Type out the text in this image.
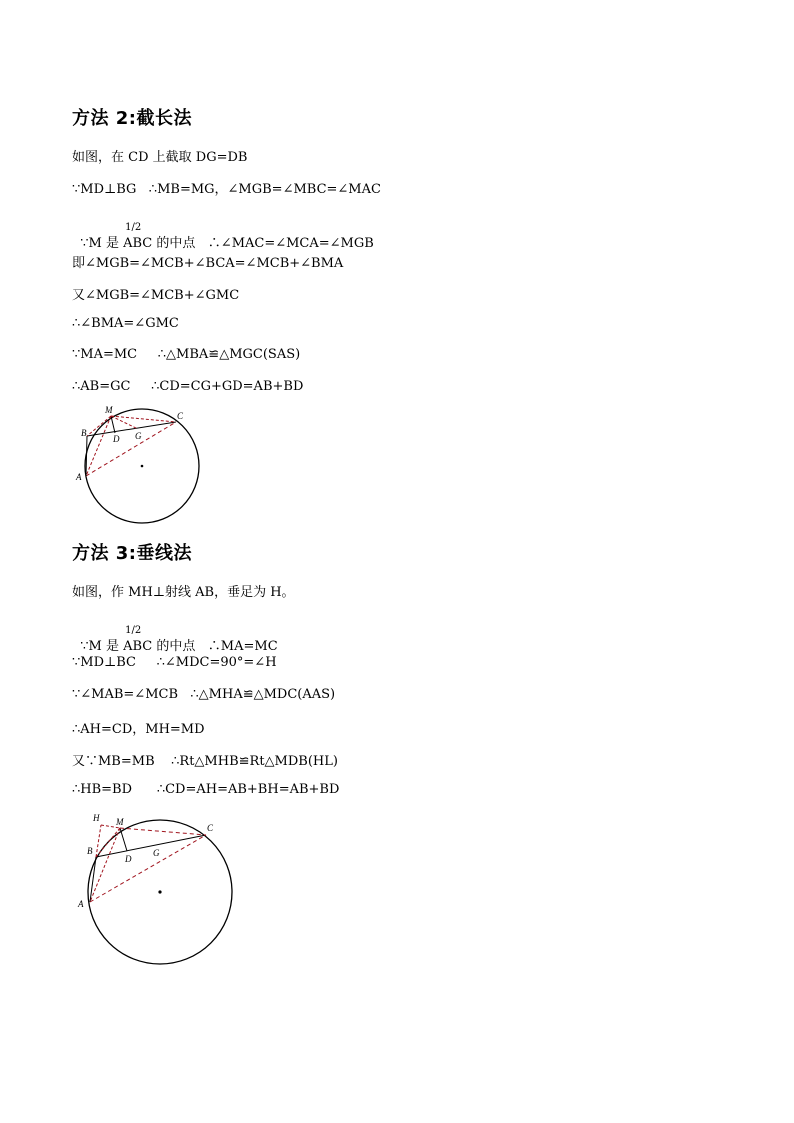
方法 2:截长法
如图，在 CD 上截取 DG=DB
∵MD⊥BG   ∴MB=MG，∠MGB=∠MBC=∠MAC

∵M 是
1/2
ABC 的中点   ∴∠MAC=∠MCA=∠MGB

即∠MGB=∠MCB+∠BCA=∠MCB+∠BMA
又∠MGB=∠MCB+∠GMC
∴∠BMA=∠GMC
∵MA=MC     ∴△MBA≌△MGC(SAS)
∴AB=GC     ∴CD=CG+GD=AB+BD
M
C
B
D G
A
方法 3:垂线法
如图，作 MH⊥射线 AB，垂足为 H。

∵M 是
1/2
ABC 的中点   ∴MA=MC

∵MD⊥BC     ∴∠MDC=90°=∠H
∵∠MAB=∠MCB   ∴△MHA≌△MDC(AAS)
∴AH=CD，MH=MD
又∵MB=MB    ∴Rt△MHB≌Rt△MDB(HL)
∴HB=BD      ∴CD=AH=AB+BH=AB+BD
H M
C
B
D
G
A
